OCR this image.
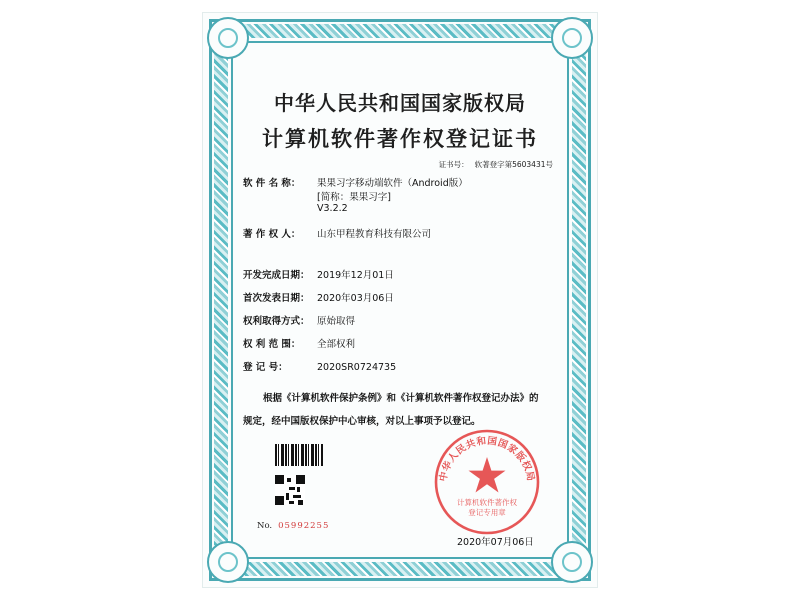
中华人民共和国国家版权局
计算机软件著作权登记证书
证书号： 软著登字第5603431号
软 件 名 称： 果果习字移动端软件（Android版）
[简称：果果习字]
V3.2.2
著 作 权 人： 山东甲程教育科技有限公司
开发完成日期： 2019年12月01日
首次发表日期： 2020年03月06日
权利取得方式： 原始取得
权 利 范 围： 全部权利
登 记 号：	2020SR0724735
根据《计算机软件保护条例》和《计算机软件著作权登记办法》的
规定，经中国版权保护中心审核，对以上事项予以登记。
No. 05992255
中华人民共和国国家版权局
计算机软件著作权
登记专用章
2020年07月06日
